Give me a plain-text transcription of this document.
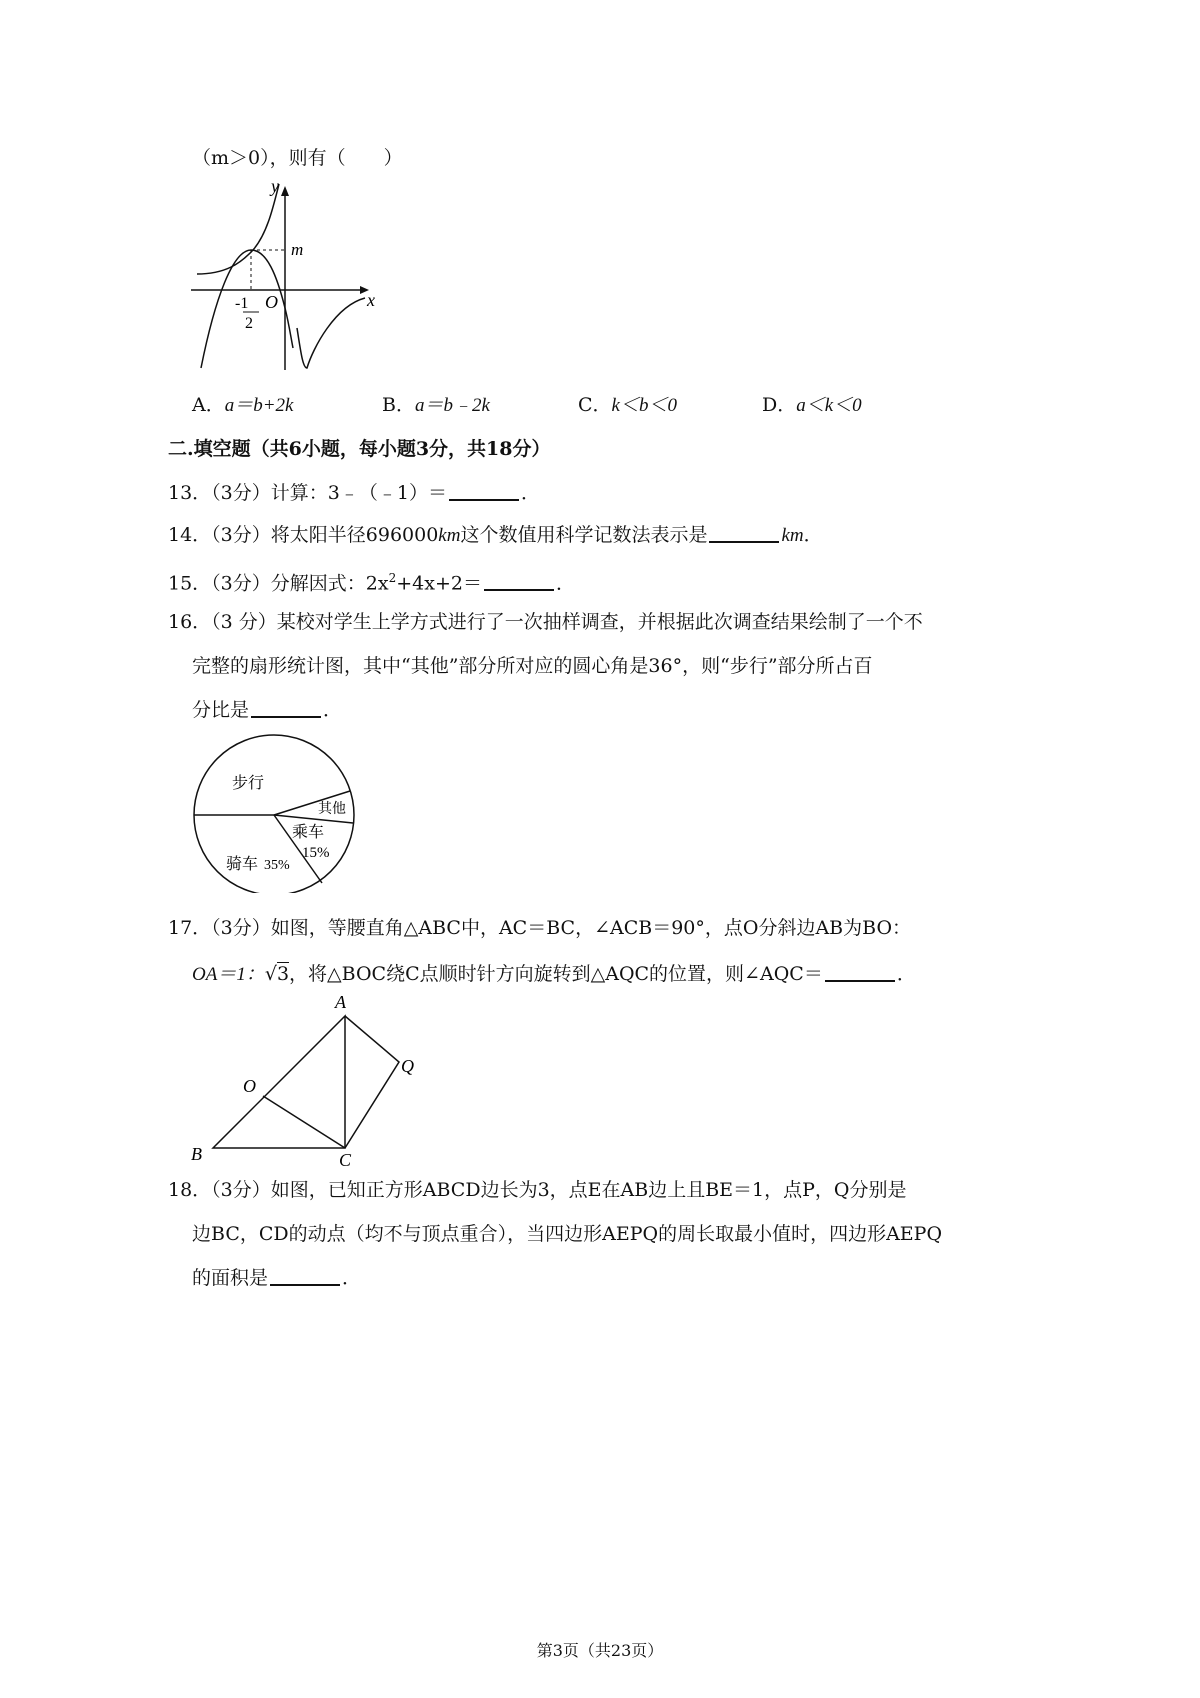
（m＞0），则有（　　）
y
x
m
O
-1
2
A．a＝b+2k	B．a＝b﹣2k	C．k＜b＜0	D．a＜k＜0
二.填空题（共6小题，每小题3分，共18分）
13．（3分）计算：3﹣（﹣1）＝	．
14．（3分）将太阳半径696000km这个数值用科学记数法表示是	km．
15．（3分）分解因式：$2x^2+4x+2=$	．
16．（3 分）某校对学生上学方式进行了一次抽样调查，并根据此次调查结果绘制了一个不
完整的扇形统计图，其中“其他”部分所对应的圆心角是36°，则“步行”部分所占百
分比是	．
步行
其他
乘车
15%
骑车 35%
17．（3分）如图，等腰直角△ABC中，AC＝BC，∠ACB＝90°，点O分斜边AB为BO：
OA＝1：√3，将△BOC绕C点顺时针方向旋转到△AQC的位置，则∠AQC＝	．
A
B	C
O
Q
18．（3分）如图，已知正方形ABCD边长为3，点E在AB边上且BE＝1，点P，Q分别是
边BC，CD的动点（均不与顶点重合），当四边形AEPQ的周长取最小值时，四边形AEPQ
的面积是	．
第3页（共23页）
